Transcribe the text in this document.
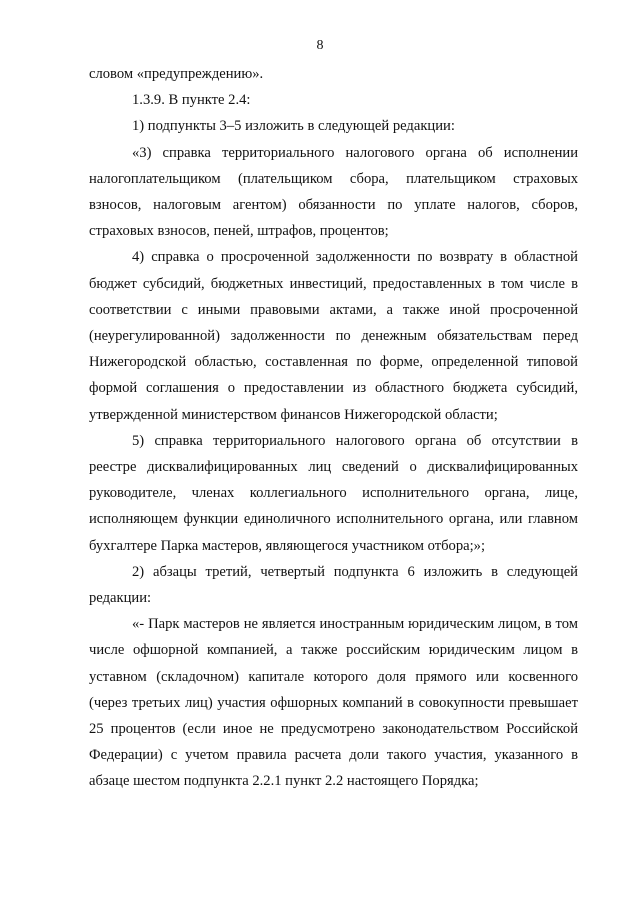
8

словом «предупреждению».

1.3.9. В пункте 2.4:

1) подпункты 3–5 изложить в следующей редакции:

«3) справка территориального налогового органа об исполнении налогоплательщиком (плательщиком сбора, плательщиком страховых взносов, налоговым агентом) обязанности по уплате налогов, сборов, страховых взносов, пеней, штрафов, процентов;

4) справка о просроченной задолженности по возврату в областной бюджет субсидий, бюджетных инвестиций, предоставленных в том числе в соответствии с иными правовыми актами, а также иной просроченной (неурегулированной) задолженности по денежным обязательствам перед Нижегородской областью, составленная по форме, определенной типовой формой соглашения о предоставлении из областного бюджета субсидий, утвержденной министерством финансов Нижегородской области;

5) справка территориального налогового органа об отсутствии в реестре дисквалифицированных лиц сведений о дисквалифицированных руководителе, членах коллегиального исполнительного органа, лице, исполняющем функции единоличного исполнительного органа, или главном бухгалтере Парка мастеров, являющегося участником отбора;»;

2) абзацы третий, четвертый подпункта 6 изложить в следующей редакции:

«- Парк мастеров не является иностранным юридическим лицом, в том числе офшорной компанией, а также российским юридическим лицом в уставном (складочном) капитале которого доля прямого или косвенного (через третьих лиц) участия офшорных компаний в совокупности превышает 25 процентов (если иное не предусмотрено законодательством Российской Федерации) с учетом правила расчета доли такого участия, указанного в абзаце шестом подпункта 2.2.1 пункт 2.2 настоящего Порядка;
